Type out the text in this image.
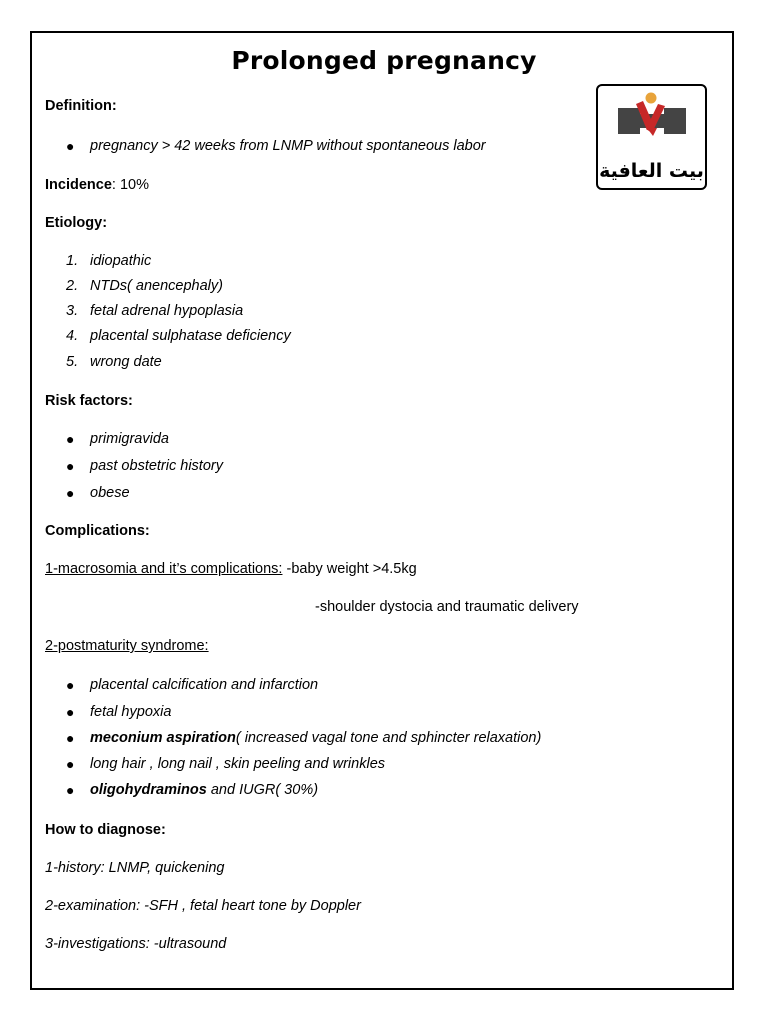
Prolonged pregnancy
بيت العافية
Definition:
● pregnancy > 42 weeks from LNMP without spontaneous labor
Incidence: 10%
Etiology:
1. idiopathic
2. NTDs( anencephaly)
3. fetal adrenal hypoplasia
4. placental sulphatase deficiency
5. wrong date
Risk factors:
● primigravida
● past obstetric history
● obese
Complications:
1-macrosomia and it’s complications: -baby weight >4.5kg
-shoulder dystocia and traumatic delivery
2-postmaturity syndrome:
● placental calcification and infarction
● fetal hypoxia
● meconium aspiration( increased vagal tone and sphincter relaxation)
● long hair , long nail , skin peeling and wrinkles
● oligohydraminos and IUGR( 30%)
How to diagnose:
1-history: LNMP, quickening
2-examination: -SFH , fetal heart tone by Doppler
3-investigations: -ultrasound
